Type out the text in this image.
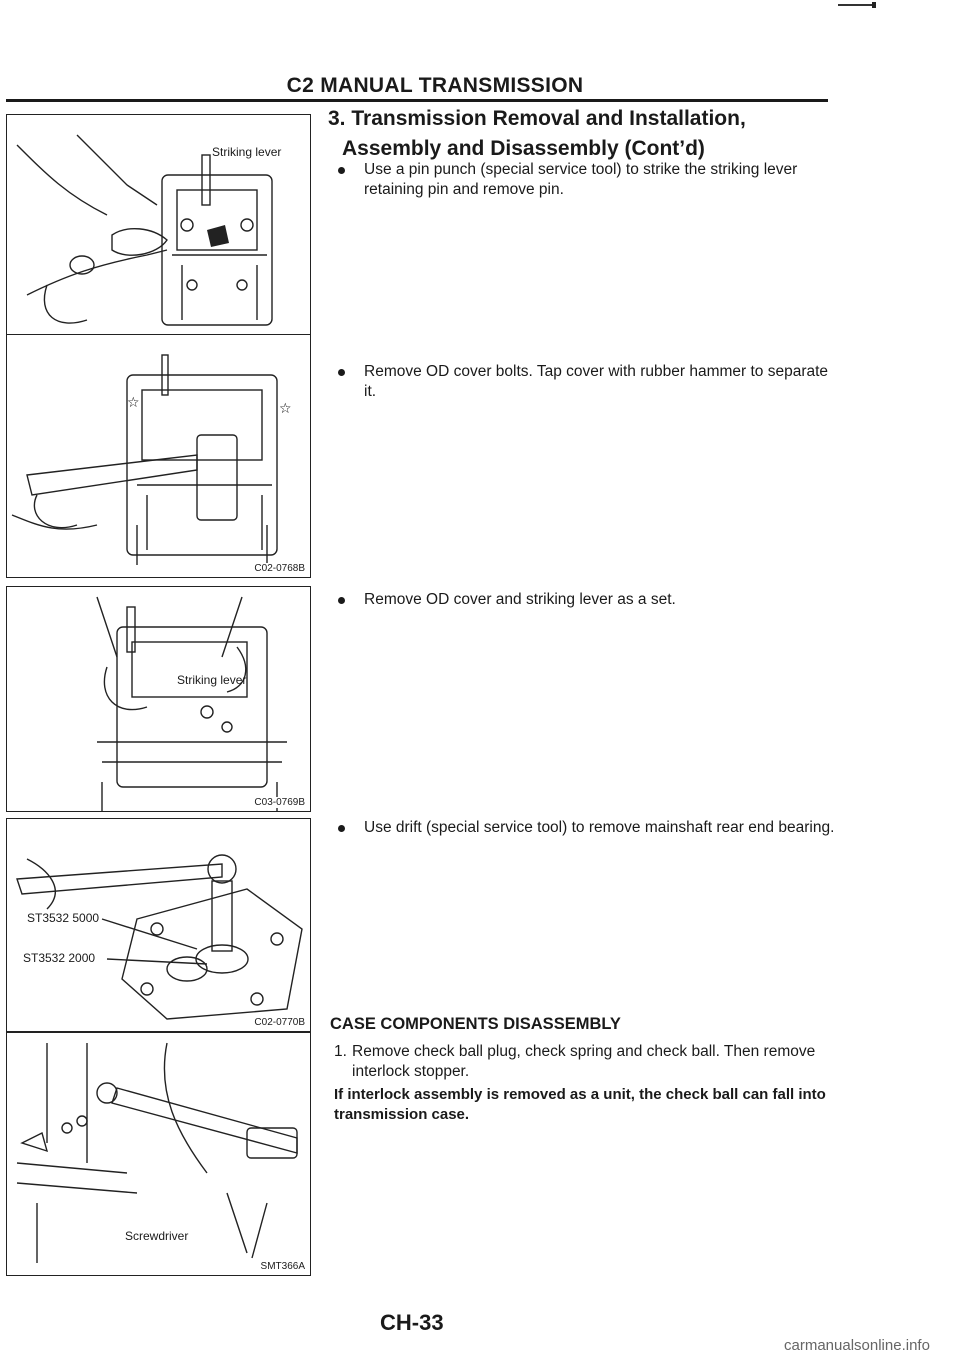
C2 MANUAL TRANSMISSION
3. Transmission Removal and Installation,
Assembly and Disassembly (Cont’d)
Striking lever
☆	☆
C02-0768B
Striking lever
C03-0769B
ST3532 5000
ST3532 2000
C02-0770B
Screwdriver
SMT366A
Use a pin punch (special service tool) to strike the striking lever retaining pin and remove pin.
Remove OD cover bolts. Tap cover with rubber hammer to separate it.
Remove OD cover and striking lever as a set.
Use drift (special service tool) to remove mainshaft rear end bearing.
CASE COMPONENTS DISASSEMBLY
1. Remove check ball plug, check spring and check ball. Then remove interlock stopper.
If interlock assembly is removed as a unit, the check ball can fall into transmission case.
CH-33
carmanualsonline.info
